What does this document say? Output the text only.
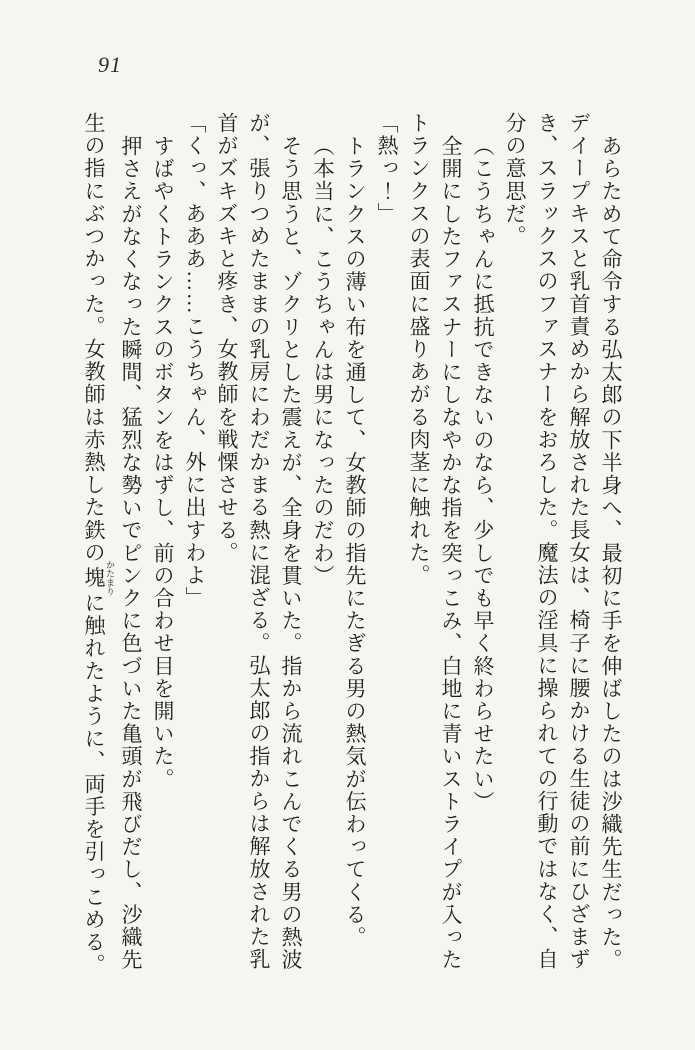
91
あらためて命令する弘太郎の下半身へ、最初に手を伸ばしたのは沙織先生だった。
デイープキスと乳首責めから解放された長女は、椅子に腰かける生徒の前にひざまず
き、スラックスのファスナーをおろした。魔法の淫具に操られての行動ではなく、自
分の意思だ。
（こうちゃんに抵抗できないのなら、少しでも早く終わらせたい）
全開にしたファスナーにしなやかな指を突っこみ、白地に青いストライプが入った
トランクスの表面に盛りあがる肉茎に触れた。
「熱っ！」
トランクスの薄い布を通して、女教師の指先にたぎる男の熱気が伝わってくる。
（本当に、こうちゃんは男になったのだわ）
そう思うと、ゾクリとした震えが、全身を貫いた。指から流れこんでくる男の熱波
が、張りつめたままの乳房にわだかまる熱に混ざる。弘太郎の指からは解放された乳
首がズキズキと疼き、女教師を戦慄させる。
「くっ、あああ……こうちゃん、外に出すわよ」
すばやくトランクスのボタンをはずし、前の合わせ目を開いた。
押さえがなくなった瞬間、猛烈な勢いでピンクに色づいた亀頭が飛びだし、沙織先
生の指にぶつかった。女教師は赤熱した鉄の塊 かたまりに触れたように、両手を引っこめる。
